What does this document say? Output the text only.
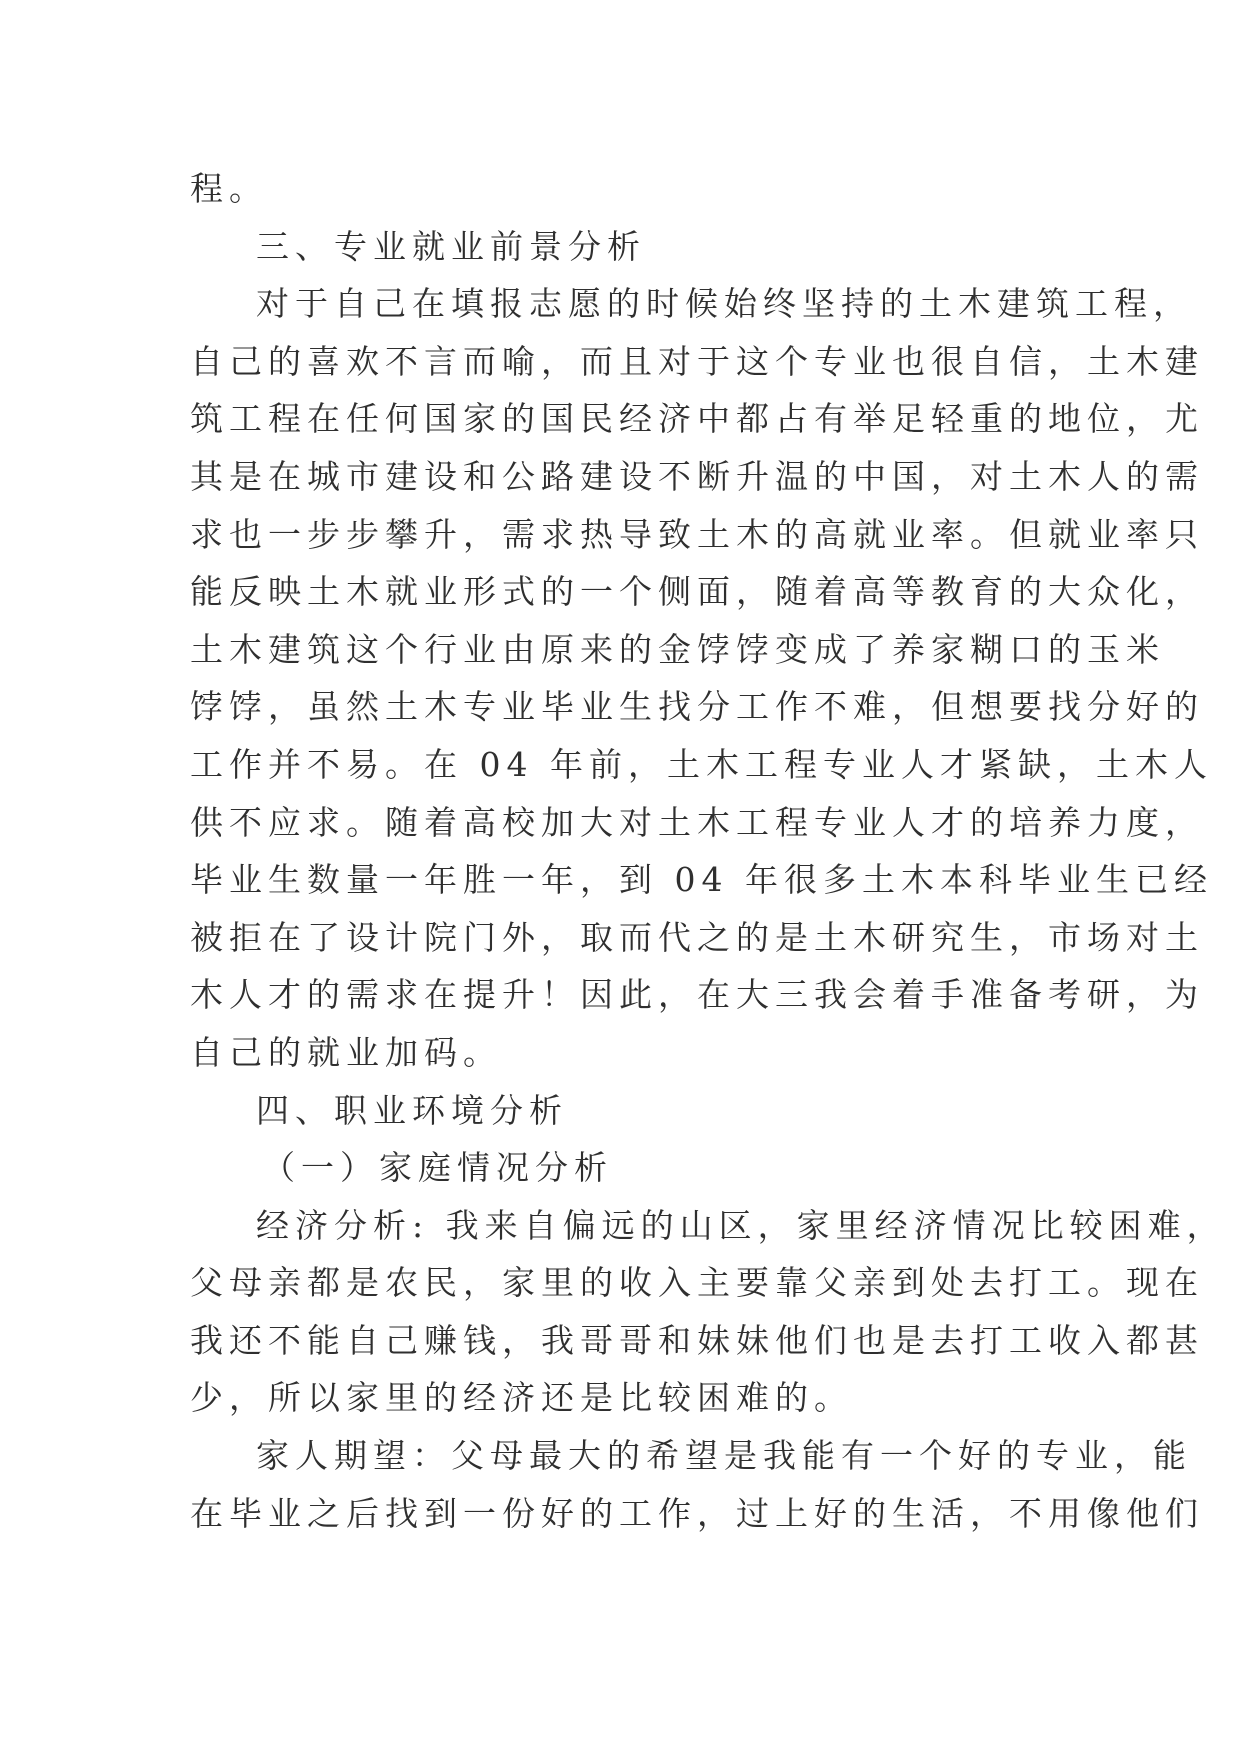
程。
三、专业就业前景分析
对于自己在填报志愿的时候始终坚持的土木建筑工程，
自己的喜欢不言而喻，而且对于这个专业也很自信，土木建
筑工程在任何国家的国民经济中都占有举足轻重的地位，尤
其是在城市建设和公路建设不断升温的中国，对土木人的需
求也一步步攀升，需求热导致土木的高就业率。但就业率只
能反映土木就业形式的一个侧面，随着高等教育的大众化，
土木建筑这个行业由原来的金饽饽变成了养家糊口的玉米
饽饽，虽然土木专业毕业生找分工作不难，但想要找分好的
工作并不易。在 04 年前，土木工程专业人才紧缺，土木人
供不应求。随着高校加大对土木工程专业人才的培养力度，
毕业生数量一年胜一年，到 04 年很多土木本科毕业生已经
被拒在了设计院门外，取而代之的是土木研究生，市场对土
木人才的需求在提升！因此，在大三我会着手准备考研，为
自己的就业加码。
四、职业环境分析
（一）家庭情况分析
经济分析: 我来自偏远的山区，家里经济情况比较困难，
父母亲都是农民，家里的收入主要靠父亲到处去打工。现在
我还不能自己赚钱，我哥哥和妹妹他们也是去打工收入都甚
少，所以家里的经济还是比较困难的。
家人期望：父母最大的希望是我能有一个好的专业，能
在毕业之后找到一份好的工作，过上好的生活，不用像他们
